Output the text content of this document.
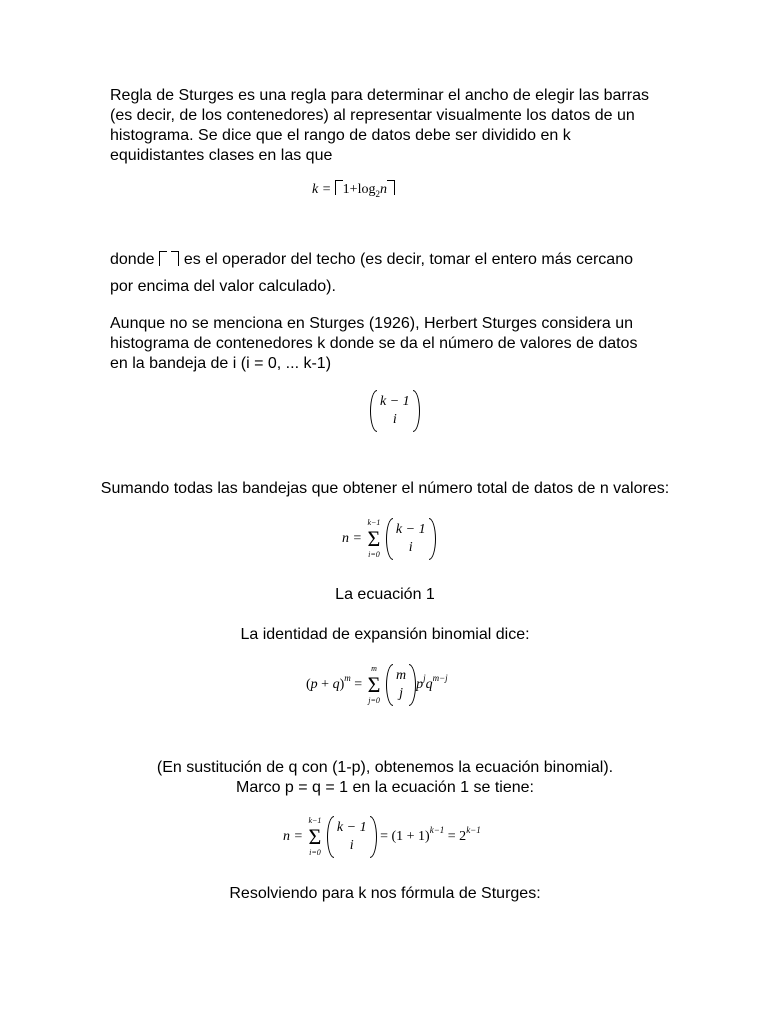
Regla de Sturges es una regla para determinar el ancho de elegir las barras (es decir, de los contenedores) al representar visualmente los datos de un histograma. Se dice que el rango de datos debe ser dividido en k equidistantes clases en las que

$k = 1+\log_2n$

donde es el operador del techo (es decir, tomar el entero más cercano por encima del valor calculado).

Aunque no se menciona en Sturges (1926), Herbert Sturges considera un histograma de contenedores k donde se da el número de valores de datos en la bandeja de i (i = 0, ... k-1)

k − 1
i

Sumando todas las bandejas que obtener el número total de datos de n valores:

n =
k−1
Σ
i=0

k − 1
i

La ecuación 1

La identidad de expansión binomial dice:

$(p + q)^m$ =
m
Σ
j=0

m
j
$p^jq^{m-j}$

(En sustitución de q con (1-p), obtenemos la ecuación binomial).

Marco p = q = 1 en la ecuación 1 se tiene:

n =
k−1
Σ
i=0

k − 1
i
= $(1 + 1)^{k-1} = 2^{k-1}$

Resolviendo para k nos fórmula de Sturges:
